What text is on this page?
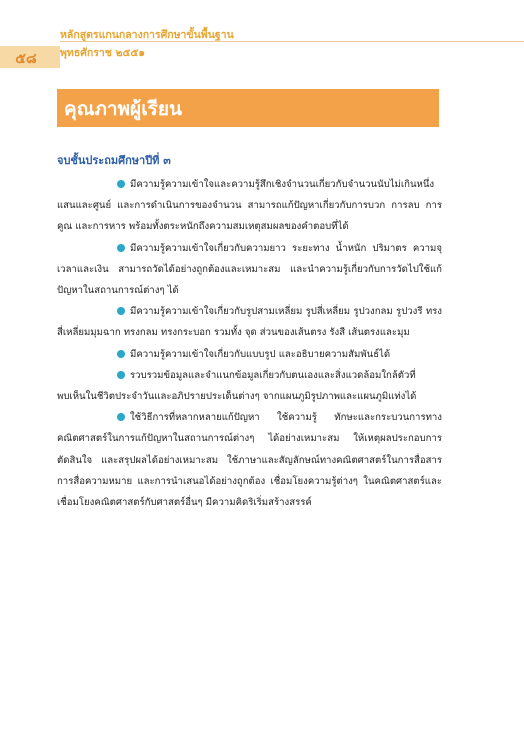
๕๘
หลักสูตรแกนกลางการศึกษาขั้นพื้นฐาน
พุทธศักราช ๒๕๕๑
คุณภาพผู้เรียน
จบชั้นประถมศึกษาปีที่ ๓
มีความรู้ความเข้าใจและความรู้สึกเชิงจำนวนเกี่ยวกับจำนวนนับไม่เกินหนึ่งแสนและศูนย์ และการดำเนินการของจำนวน สามารถแก้ปัญหาเกี่ยวกับการบวก การลบ การคูณ และการหาร พร้อมทั้งตระหนักถึงความสมเหตุสมผลของคำตอบที่ได้
มีความรู้ความเข้าใจเกี่ยวกับความยาว ระยะทาง น้ำหนัก ปริมาตร ความจุ เวลาและเงิน สามารถวัดได้อย่างถูกต้องและเหมาะสม และนำความรู้เกี่ยวกับการวัดไปใช้แก้ปัญหาในสถานการณ์ต่างๆ ได้
มีความรู้ความเข้าใจเกี่ยวกับรูปสามเหลี่ยม รูปสี่เหลี่ยม รูปวงกลม รูปวงรี ทรงสี่เหลี่ยมมุมฉาก ทรงกลม ทรงกระบอก รวมทั้ง จุด ส่วนของเส้นตรง รังสี เส้นตรงและมุม
มีความรู้ความเข้าใจเกี่ยวกับแบบรูป และอธิบายความสัมพันธ์ได้
รวบรวมข้อมูลและจำแนกข้อมูลเกี่ยวกับตนเองและสิ่งแวดล้อมใกล้ตัวที่พบเห็นในชีวิตประจำวันและอภิปรายประเด็นต่างๆ จากแผนภูมิรูปภาพและแผนภูมิแท่งได้
ใช้วิธีการที่หลากหลายแก้ปัญหา ใช้ความรู้ ทักษะและกระบวนการทางคณิตศาสตร์ในการแก้ปัญหาในสถานการณ์ต่างๆ ได้อย่างเหมาะสม ให้เหตุผลประกอบการตัดสินใจ และสรุปผลได้อย่างเหมาะสม ใช้ภาษาและสัญลักษณ์ทางคณิตศาสตร์ในการสื่อสาร การสื่อความหมาย และการนำเสนอได้อย่างถูกต้อง เชื่อมโยงความรู้ต่างๆ ในคณิตศาสตร์และเชื่อมโยงคณิตศาสตร์กับศาสตร์อื่นๆ มีความคิดริเริ่มสร้างสรรค์
